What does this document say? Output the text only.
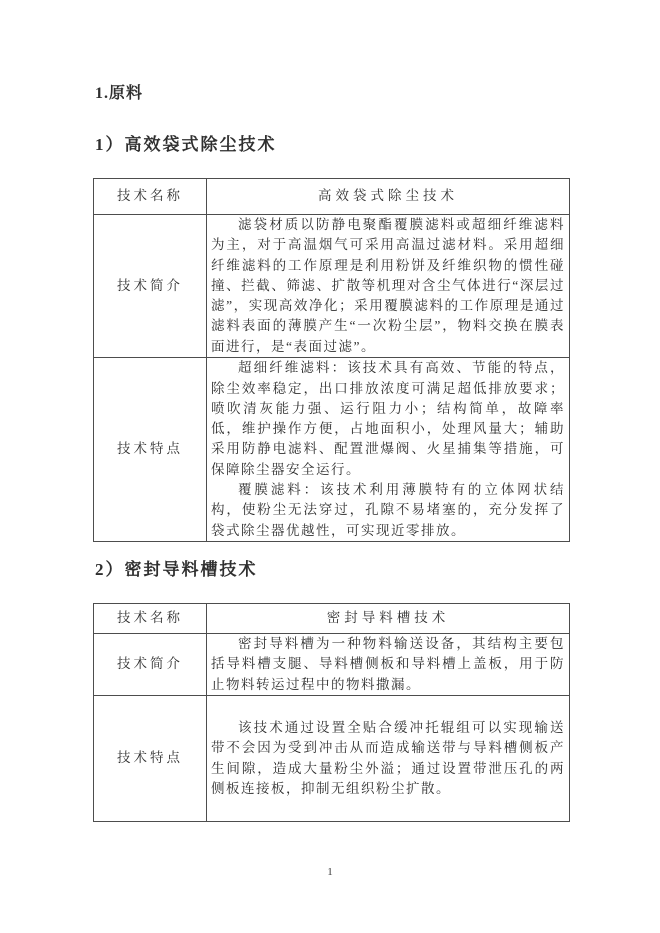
1.原料
1）高效袋式除尘技术
技术名称	高效袋式除尘技术
技术简介	滤袋材质以防静电聚酯覆膜滤料或超细纤维滤料为主，对于高温烟气可采用高温过滤材料。采用超细纤维滤料的工作原理是利用粉饼及纤维织物的惯性碰撞、拦截、筛滤、扩散等机理对含尘气体进行“深层过滤”，实现高效净化；采用覆膜滤料的工作原理是通过滤料表面的薄膜产生“一次粉尘层”，物料交换在膜表面进行，是“表面过滤”。

技术特点	超细纤维滤料：该技术具有高效、节能的特点，除尘效率稳定，出口排放浓度可满足超低排放要求；喷吹清灰能力强、运行阻力小；结构简单，故障率低，维护操作方便，占地面积小，处理风量大；辅助采用防静电滤料、配置泄爆阀、火星捕集等措施，可保障除尘器安全运行。

覆膜滤料：该技术利用薄膜特有的立体网状结构，使粉尘无法穿过，孔隙不易堵塞的，充分发挥了袋式除尘器优越性，可实现近零排放。

2）密封导料槽技术
技术名称	密封导料槽技术
技术简介	密封导料槽为一种物料输送设备，其结构主要包括导料槽支腿、导料槽侧板和导料槽上盖板，用于防止物料转运过程中的物料撒漏。

技术特点	该技术通过设置全贴合缓冲托辊组可以实现输送带不会因为受到冲击从而造成输送带与导料槽侧板产生间隙，造成大量粉尘外溢；通过设置带泄压孔的两侧板连接板，抑制无组织粉尘扩散。

1
